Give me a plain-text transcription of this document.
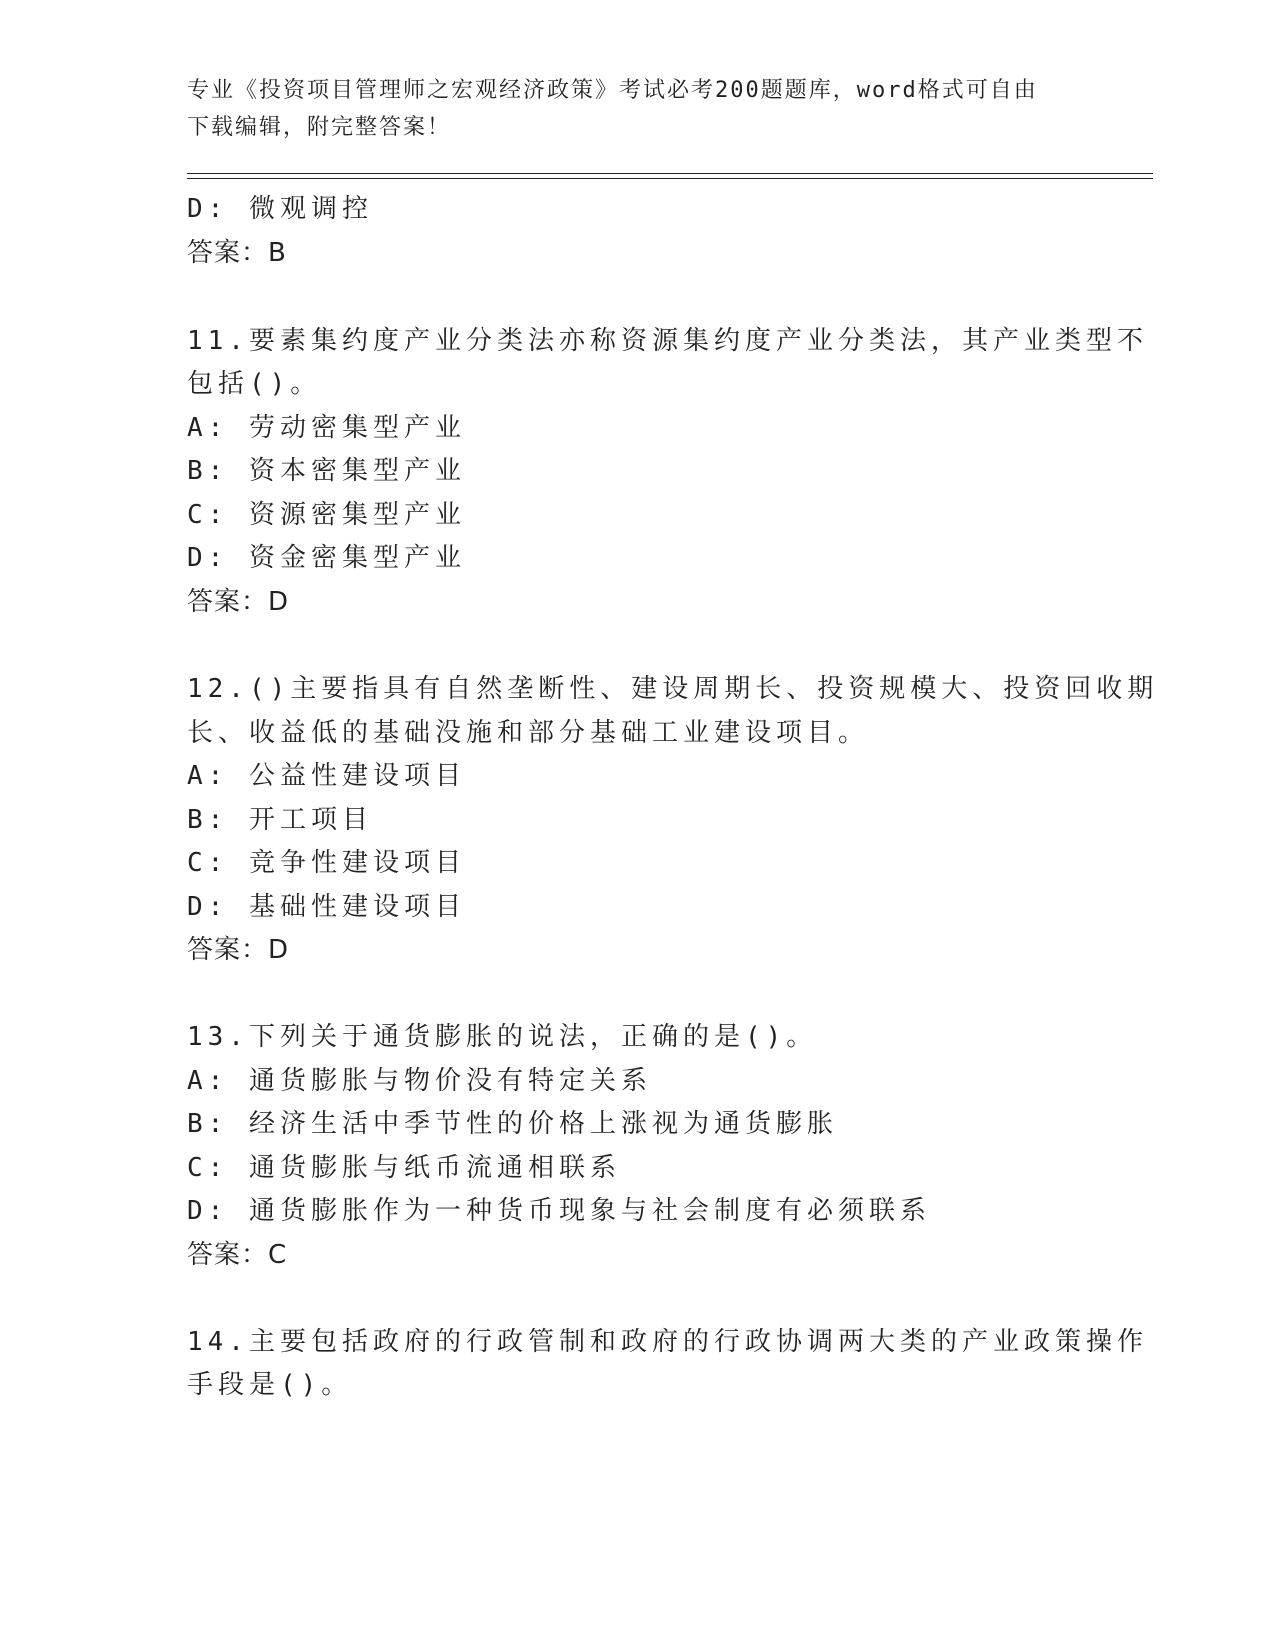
专业《投资项目管理师之宏观经济政策》考试必考200题题库，word格式可自由
下载编辑，附完整答案！
D: 微观调控
答案：B
11.要素集约度产业分类法亦称资源集约度产业分类法，其产业类型不
包括()。
A: 劳动密集型产业
B: 资本密集型产业
C: 资源密集型产业
D: 资金密集型产业
答案：D
12.()主要指具有自然垄断性、建设周期长、投资规模大、投资回收期
长、收益低的基础没施和部分基础工业建设项目。
A: 公益性建设项目
B: 开工项目
C: 竞争性建设项目
D: 基础性建设项目
答案：D
13.下列关于通货膨胀的说法，正确的是()。
A: 通货膨胀与物价没有特定关系
B: 经济生活中季节性的价格上涨视为通货膨胀
C: 通货膨胀与纸币流通相联系
D: 通货膨胀作为一种货币现象与社会制度有必须联系
答案：C
14.主要包括政府的行政管制和政府的行政协调两大类的产业政策操作
手段是()。
